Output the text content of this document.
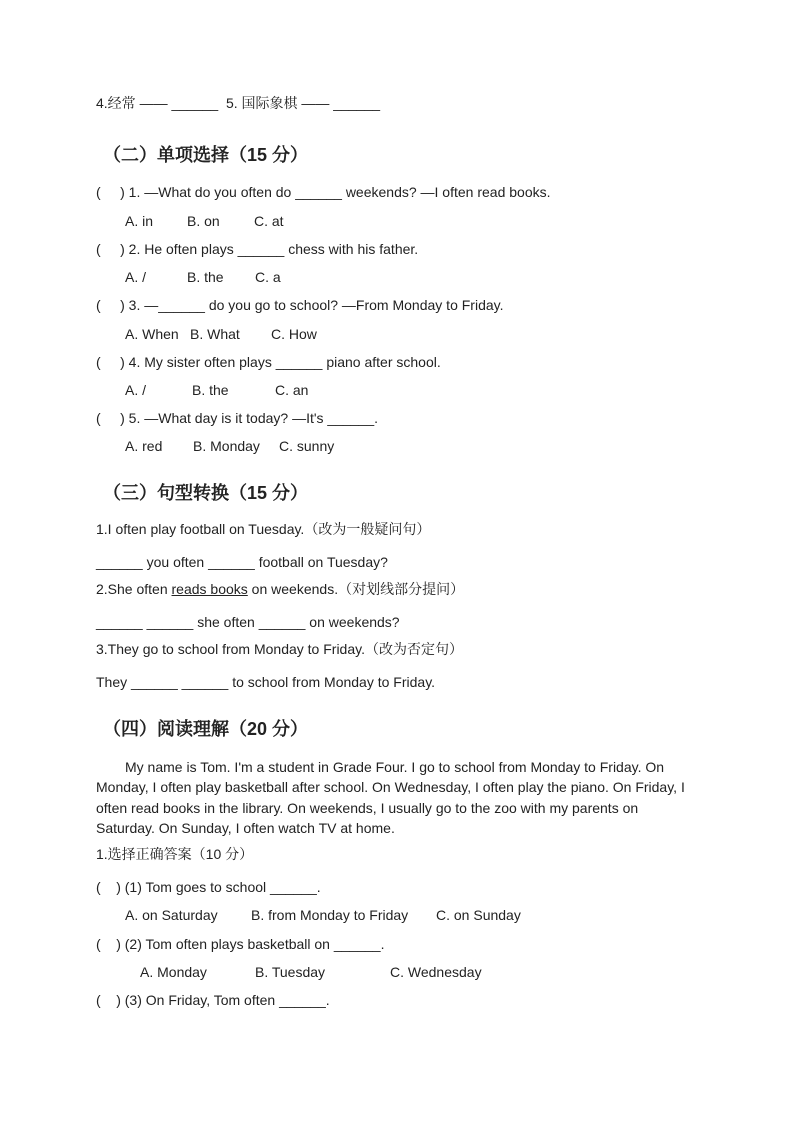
4.经常 —— ______  5. 国际象棋 —— ______
（二）单项选择（15 分）
(     ) 1. —What do you often do ______ weekends? —I often read books.
A. in B. on C. at
(     ) 2. He often plays ______ chess with his father.
A. /	B. the C. a
(     ) 3. —______ do you go to school? —From Monday to Friday.
A. When B. What C. How
(     ) 4. My sister often plays ______ piano after school.
A. /	B. the	C. an
(     ) 5. —What day is it today? —It's ______.
A. red B. Monday C. sunny
（三）句型转换（15 分）
1.I often play football on Tuesday.（改为一般疑问句）
______ you often ______ football on Tuesday?
2.She often reads books on weekends.（对划线部分提问）
______ ______ she often ______ on weekends?
3.They go to school from Monday to Friday.（改为否定句）
They ______ ______ to school from Monday to Friday.
（四）阅读理解（20 分）
My name is Tom. I'm a student in Grade Four. I go to school from Monday to Friday. On Monday, I often play basketball after school. On Wednesday, I often play the piano. On Friday, I often read books in the library. On weekends, I usually go to the zoo with my parents on Saturday. On Sunday, I often watch TV at home.
1.选择正确答案（10 分）
(    ) (1) Tom goes to school ______.
A. on Saturday B. from Monday to Friday C. on Sunday
(    ) (2) Tom often plays basketball on ______.
A. Monday	B. Tuesday	C. Wednesday
(    ) (3) On Friday, Tom often ______.
